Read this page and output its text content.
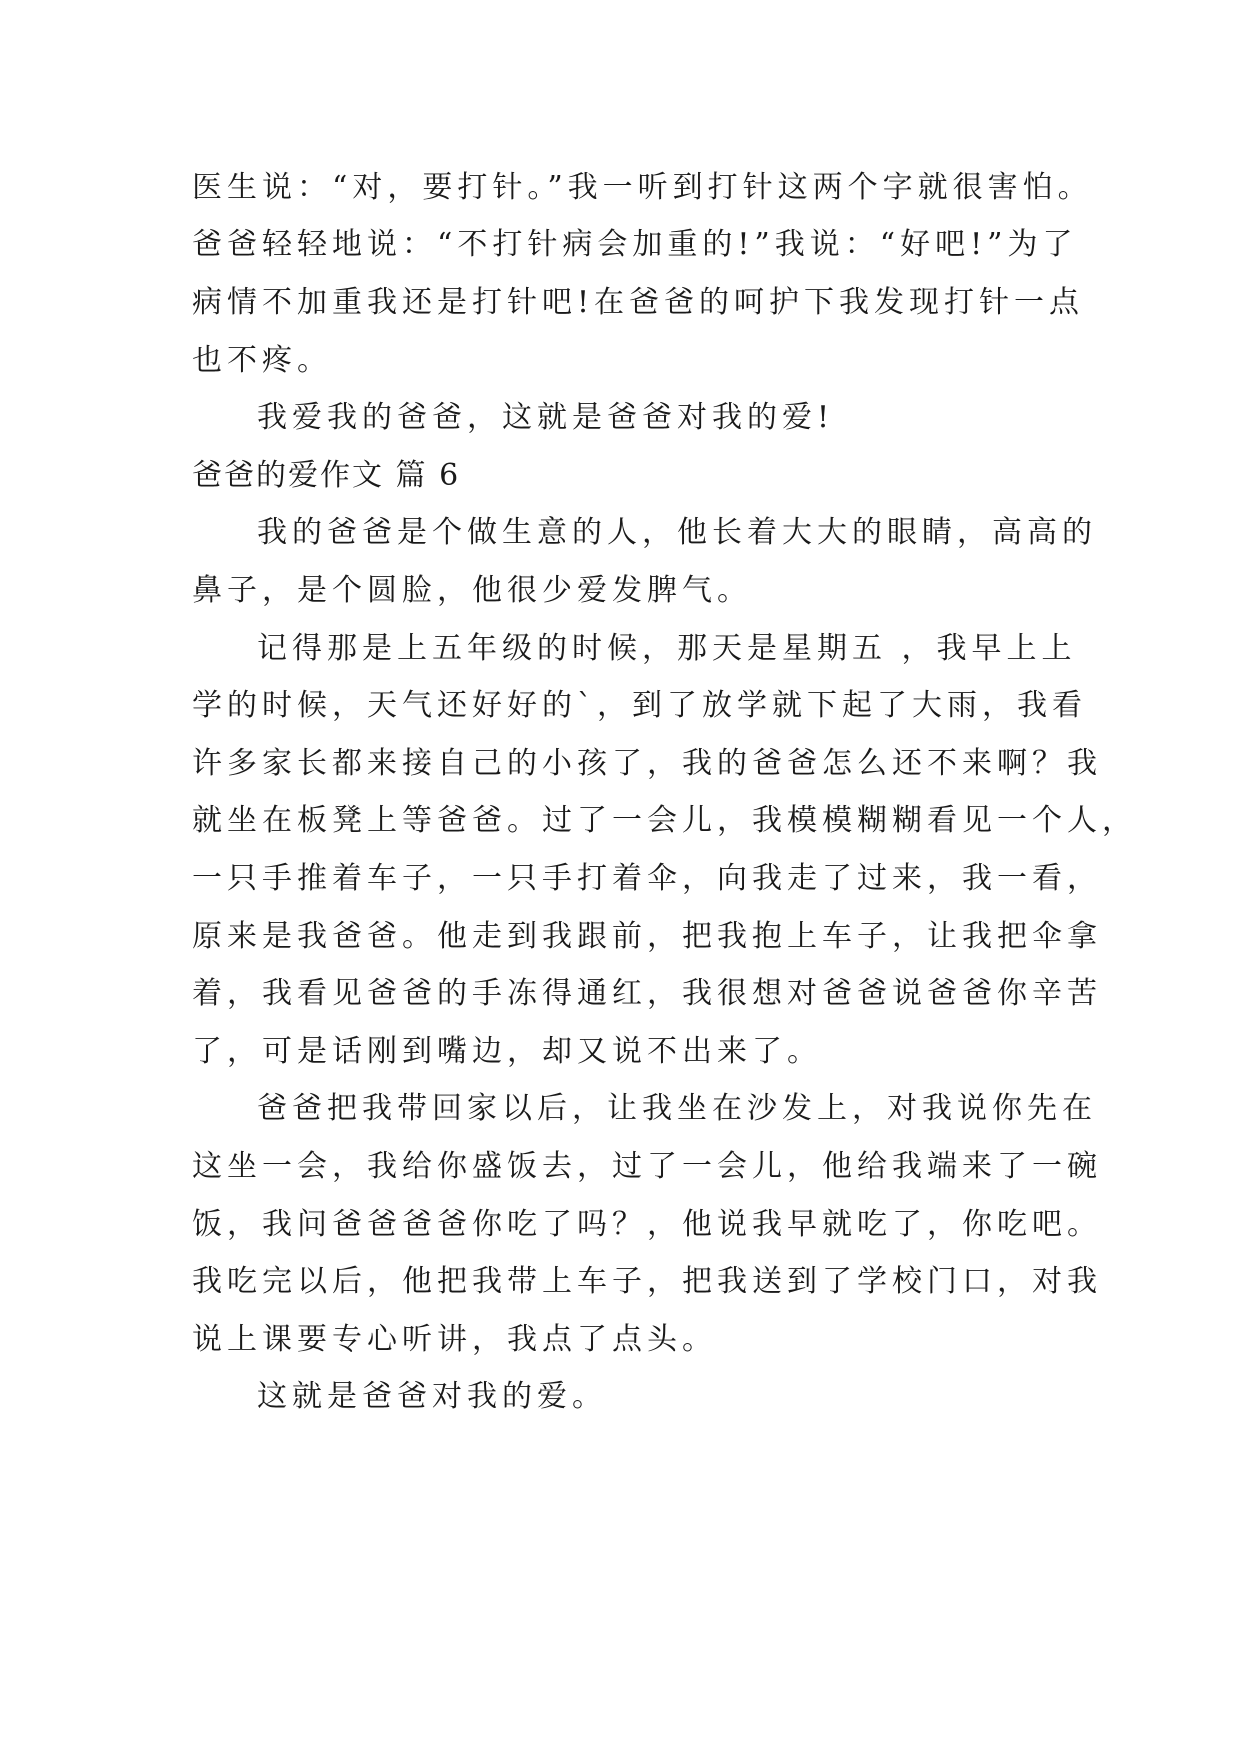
医生说：“对，要打针。”我一听到打针这两个字就很害怕。
爸爸轻轻地说：“不打针病会加重的!”我说：“好吧!”为了
病情不加重我还是打针吧!在爸爸的呵护下我发现打针一点
也不疼。
我爱我的爸爸，这就是爸爸对我的爱!
爸爸的爱作文 篇 6
我的爸爸是个做生意的人，他长着大大的眼睛，高高的
鼻子，是个圆脸，他很少爱发脾气。
记得那是上五年级的时候，那天是星期五 ，我早上上
学的时候，天气还好好的`，到了放学就下起了大雨，我看
许多家长都来接自己的小孩了，我的爸爸怎么还不来啊？我
就坐在板凳上等爸爸。过了一会儿，我模模糊糊看见一个人，
一只手推着车子，一只手打着伞，向我走了过来，我一看，
原来是我爸爸。他走到我跟前，把我抱上车子，让我把伞拿
着，我看见爸爸的手冻得通红，我很想对爸爸说爸爸你辛苦
了，可是话刚到嘴边，却又说不出来了。
爸爸把我带回家以后，让我坐在沙发上，对我说你先在
这坐一会，我给你盛饭去，过了一会儿，他给我端来了一碗
饭，我问爸爸爸爸你吃了吗？，他说我早就吃了，你吃吧。
我吃完以后，他把我带上车子，把我送到了学校门口，对我
说上课要专心听讲，我点了点头。
这就是爸爸对我的爱。
